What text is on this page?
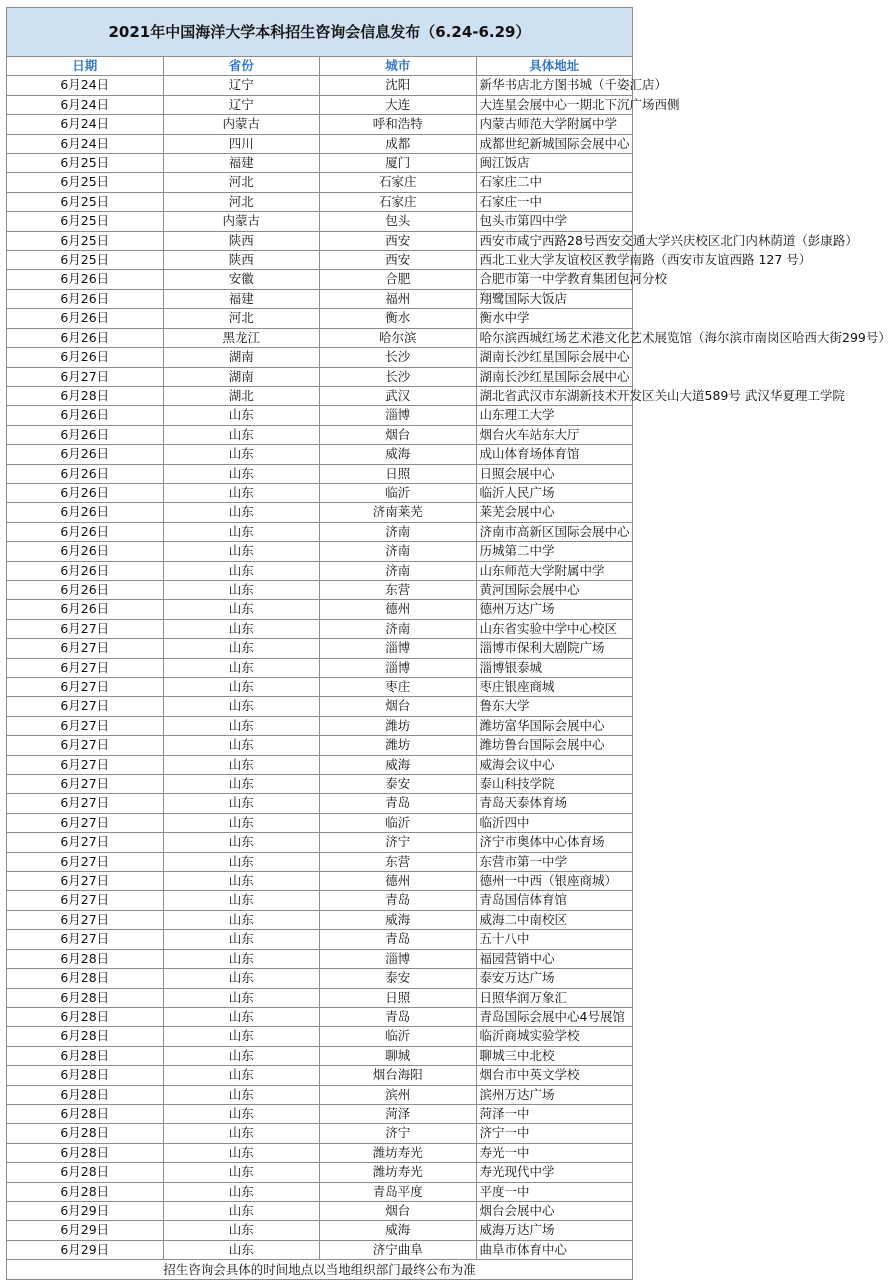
2021年中国海洋大学本科招生咨询会信息发布（6.24-6.29）			
日期	省份	城市	具体地址
6月24日	辽宁	沈阳	新华书店北方图书城（千姿汇店）
6月24日	辽宁	大连	大连星会展中心一期北下沉广场西侧
6月24日	内蒙古	呼和浩特	内蒙古师范大学附属中学
6月24日	四川	成都	成都世纪新城国际会展中心
6月25日	福建	厦门	闽江饭店
6月25日	河北	石家庄	石家庄二中
6月25日	河北	石家庄	石家庄一中
6月25日	内蒙古	包头	包头市第四中学
6月25日	陕西	西安	西安市咸宁西路28号西安交通大学兴庆校区北门内林荫道（彭康路）
6月25日	陕西	西安	西北工业大学友谊校区教学南路（西安市友谊西路 127 号）
6月26日	安徽	合肥	合肥市第一中学教育集团包河分校
6月26日	福建	福州	翔鹭国际大饭店
6月26日	河北	衡水	衡水中学
6月26日	黑龙江	哈尔滨	哈尔滨西城红场艺术港文化艺术展览馆（海尔滨市南岗区哈西大街299号）
6月26日	湖南	长沙	湖南长沙红星国际会展中心
6月27日	湖南	长沙	湖南长沙红星国际会展中心
6月28日	湖北	武汉	湖北省武汉市东湖新技术开发区关山大道589号 武汉华夏理工学院
6月26日	山东	淄博	山东理工大学
6月26日	山东	烟台	烟台火车站东大厅
6月26日	山东	威海	成山体育场体育馆
6月26日	山东	日照	日照会展中心
6月26日	山东	临沂	临沂人民广场
6月26日	山东	济南莱芜	莱芜会展中心
6月26日	山东	济南	济南市高新区国际会展中心
6月26日	山东	济南	历城第二中学
6月26日	山东	济南	山东师范大学附属中学
6月26日	山东	东营	黄河国际会展中心
6月26日	山东	德州	德州万达广场
6月27日	山东	济南	山东省实验中学中心校区
6月27日	山东	淄博	淄博市保利大剧院广场
6月27日	山东	淄博	淄博银泰城
6月27日	山东	枣庄	枣庄银座商城
6月27日	山东	烟台	鲁东大学
6月27日	山东	潍坊	潍坊富华国际会展中心
6月27日	山东	潍坊	潍坊鲁台国际会展中心
6月27日	山东	威海	威海会议中心
6月27日	山东	泰安	泰山科技学院
6月27日	山东	青岛	青岛天泰体育场
6月27日	山东	临沂	临沂四中
6月27日	山东	济宁	济宁市奥体中心体育场
6月27日	山东	东营	东营市第一中学
6月27日	山东	德州	德州一中西（银座商城）
6月27日	山东	青岛	青岛国信体育馆
6月27日	山东	威海	威海二中南校区
6月27日	山东	青岛	五十八中
6月28日	山东	淄博	福园营销中心
6月28日	山东	泰安	泰安万达广场
6月28日	山东	日照	日照华润万象汇
6月28日	山东	青岛	青岛国际会展中心4号展馆
6月28日	山东	临沂	临沂商城实验学校
6月28日	山东	聊城	聊城三中北校
6月28日	山东	烟台海阳	烟台市中英文学校
6月28日	山东	滨州	滨州万达广场
6月28日	山东	菏泽	菏泽一中
6月28日	山东	济宁	济宁一中
6月28日	山东	潍坊寿光	寿光一中
6月28日	山东	潍坊寿光	寿光现代中学
6月28日	山东	青岛平度	平度一中
6月29日	山东	烟台	烟台会展中心
6月29日	山东	威海	威海万达广场
6月29日	山东	济宁曲阜	曲阜市体育中心
招生咨询会具体的时间地点以当地组织部门最终公布为准			
